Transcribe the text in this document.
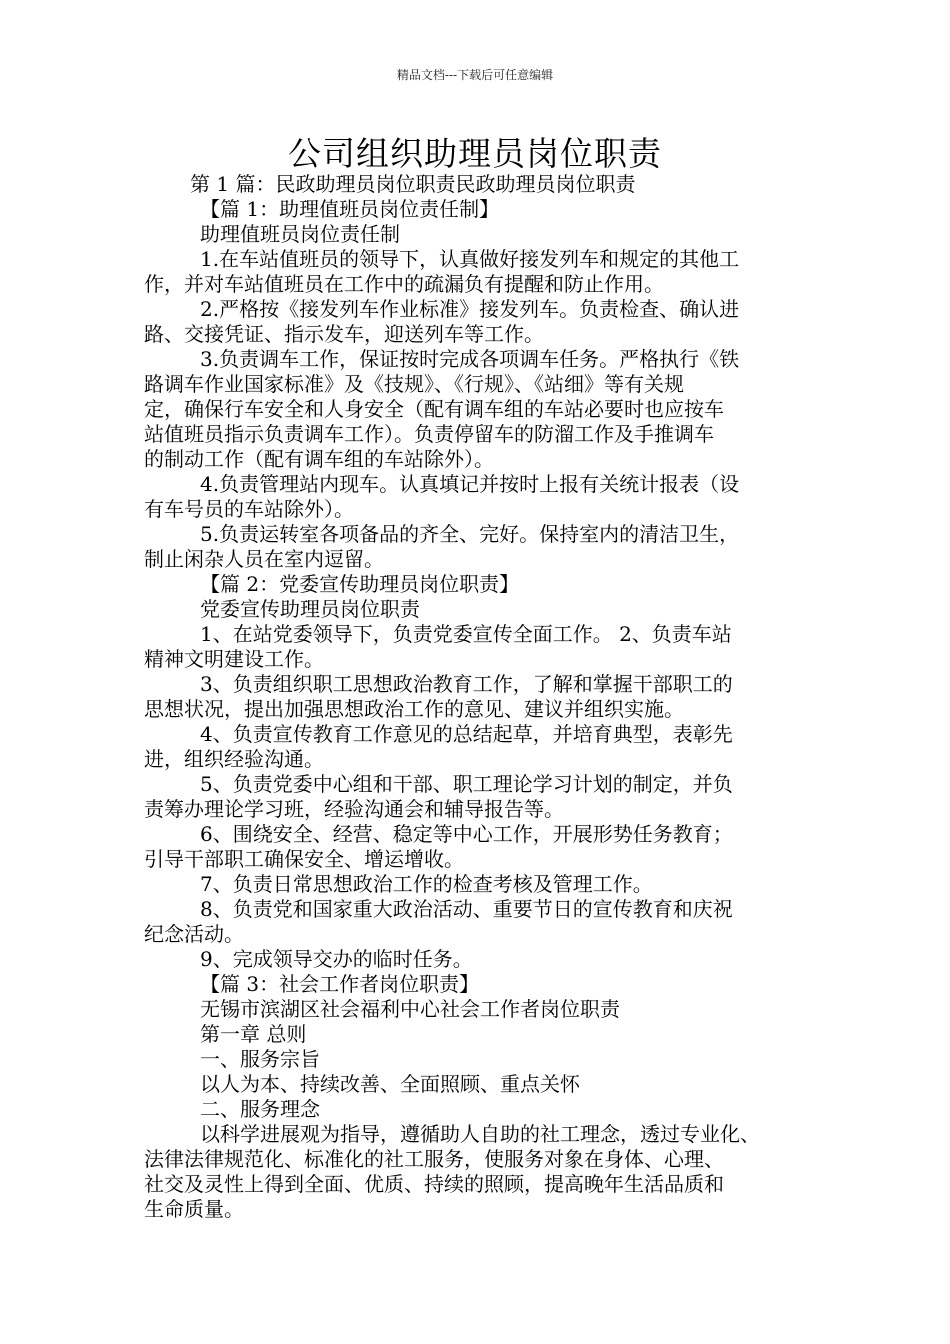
精品文档---下载后可任意编辑
公司组织助理员岗位职责

第 1 篇：民政助理员岗位职责民政助理员岗位职责

【篇 1：助理值班员岗位责任制】

助理值班员岗位责任制

1.在车站值班员的领导下，认真做好接发列车和规定的其他工

作，并对车站值班员在工作中的疏漏负有提醒和防止作用。

2.严格按《接发列车作业标准》接发列车。负责检查、确认进

路、交接凭证、指示发车，迎送列车等工作。

3.负责调车工作，保证按时完成各项调车任务。严格执行《铁

路调车作业国家标准》及《技规》、《行规》、《站细》等有关规

定，确保行车安全和人身安全（配有调车组的车站必要时也应按车

站值班员指示负责调车工作）。负责停留车的防溜工作及手推调车

的制动工作（配有调车组的车站除外）。

4.负责管理站内现车。认真填记并按时上报有关统计报表（设

有车号员的车站除外）。

5.负责运转室各项备品的齐全、完好。保持室内的清洁卫生，

制止闲杂人员在室内逗留。

【篇 2：党委宣传助理员岗位职责】

党委宣传助理员岗位职责

1、在站党委领导下，负责党委宣传全面工作。 2、负责车站

精神文明建设工作。

3、负责组织职工思想政治教育工作，了解和掌握干部职工的

思想状况，提出加强思想政治工作的意见、建议并组织实施。

4、负责宣传教育工作意见的总结起草，并培育典型，表彰先

进，组织经验沟通。

5、负责党委中心组和干部、职工理论学习计划的制定，并负

责筹办理论学习班，经验沟通会和辅导报告等。

6、围绕安全、经营、稳定等中心工作，开展形势任务教育；

引导干部职工确保安全、增运增收。

7、负责日常思想政治工作的检查考核及管理工作。

8、负责党和国家重大政治活动、重要节日的宣传教育和庆祝

纪念活动。

9、完成领导交办的临时任务。

【篇 3：社会工作者岗位职责】

无锡市滨湖区社会福利中心社会工作者岗位职责

第一章 总则

一、服务宗旨

以人为本、持续改善、全面照顾、重点关怀

二、服务理念

以科学进展观为指导，遵循助人自助的社工理念，透过专业化、

法律法律规范化、标准化的社工服务，使服务对象在身体、心理、

社交及灵性上得到全面、优质、持续的照顾，提高晚年生活品质和

生命质量。
